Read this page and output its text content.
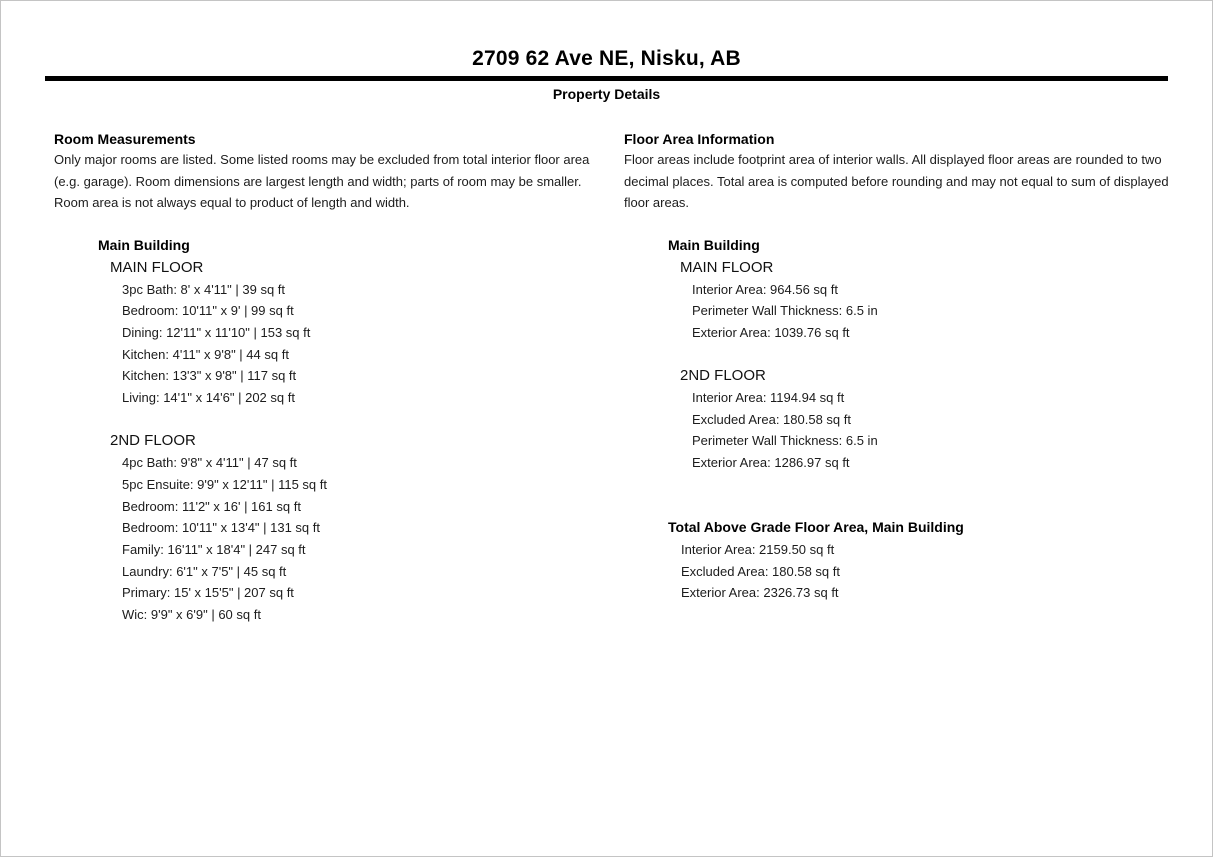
2709 62 Ave NE, Nisku, AB
Property Details
Room Measurements
Only major rooms are listed. Some listed rooms may be excluded from total interior floor area
(e.g. garage). Room dimensions are largest length and width; parts of room may be smaller.
Room area is not always equal to product of length and width.
Main Building
MAIN FLOOR
3pc Bath: 8' x 4'11" | 39 sq ft
Bedroom: 10'11" x 9' | 99 sq ft
Dining: 12'11" x 11'10" | 153 sq ft
Kitchen: 4'11" x 9'8" | 44 sq ft
Kitchen: 13'3" x 9'8" | 117 sq ft
Living: 14'1" x 14'6" | 202 sq ft
2ND FLOOR
4pc Bath: 9'8" x 4'11" | 47 sq ft
5pc Ensuite: 9'9" x 12'11" | 115 sq ft
Bedroom: 11'2" x 16' | 161 sq ft
Bedroom: 10'11" x 13'4" | 131 sq ft
Family: 16'11" x 18'4" | 247 sq ft
Laundry: 6'1" x 7'5" | 45 sq ft
Primary: 15' x 15'5" | 207 sq ft
Wic: 9'9" x 6'9" | 60 sq ft
Floor Area Information
Floor areas include footprint area of interior walls. All displayed floor areas are rounded to two
decimal places. Total area is computed before rounding and may not equal to sum of displayed
floor areas.
Main Building
MAIN FLOOR
Interior Area: 964.56 sq ft
Perimeter Wall Thickness: 6.5 in
Exterior Area: 1039.76 sq ft
2ND FLOOR
Interior Area: 1194.94 sq ft
Excluded Area: 180.58 sq ft
Perimeter Wall Thickness: 6.5 in
Exterior Area: 1286.97 sq ft
Total Above Grade Floor Area, Main Building
Interior Area: 2159.50 sq ft
Excluded Area: 180.58 sq ft
Exterior Area: 2326.73 sq ft
